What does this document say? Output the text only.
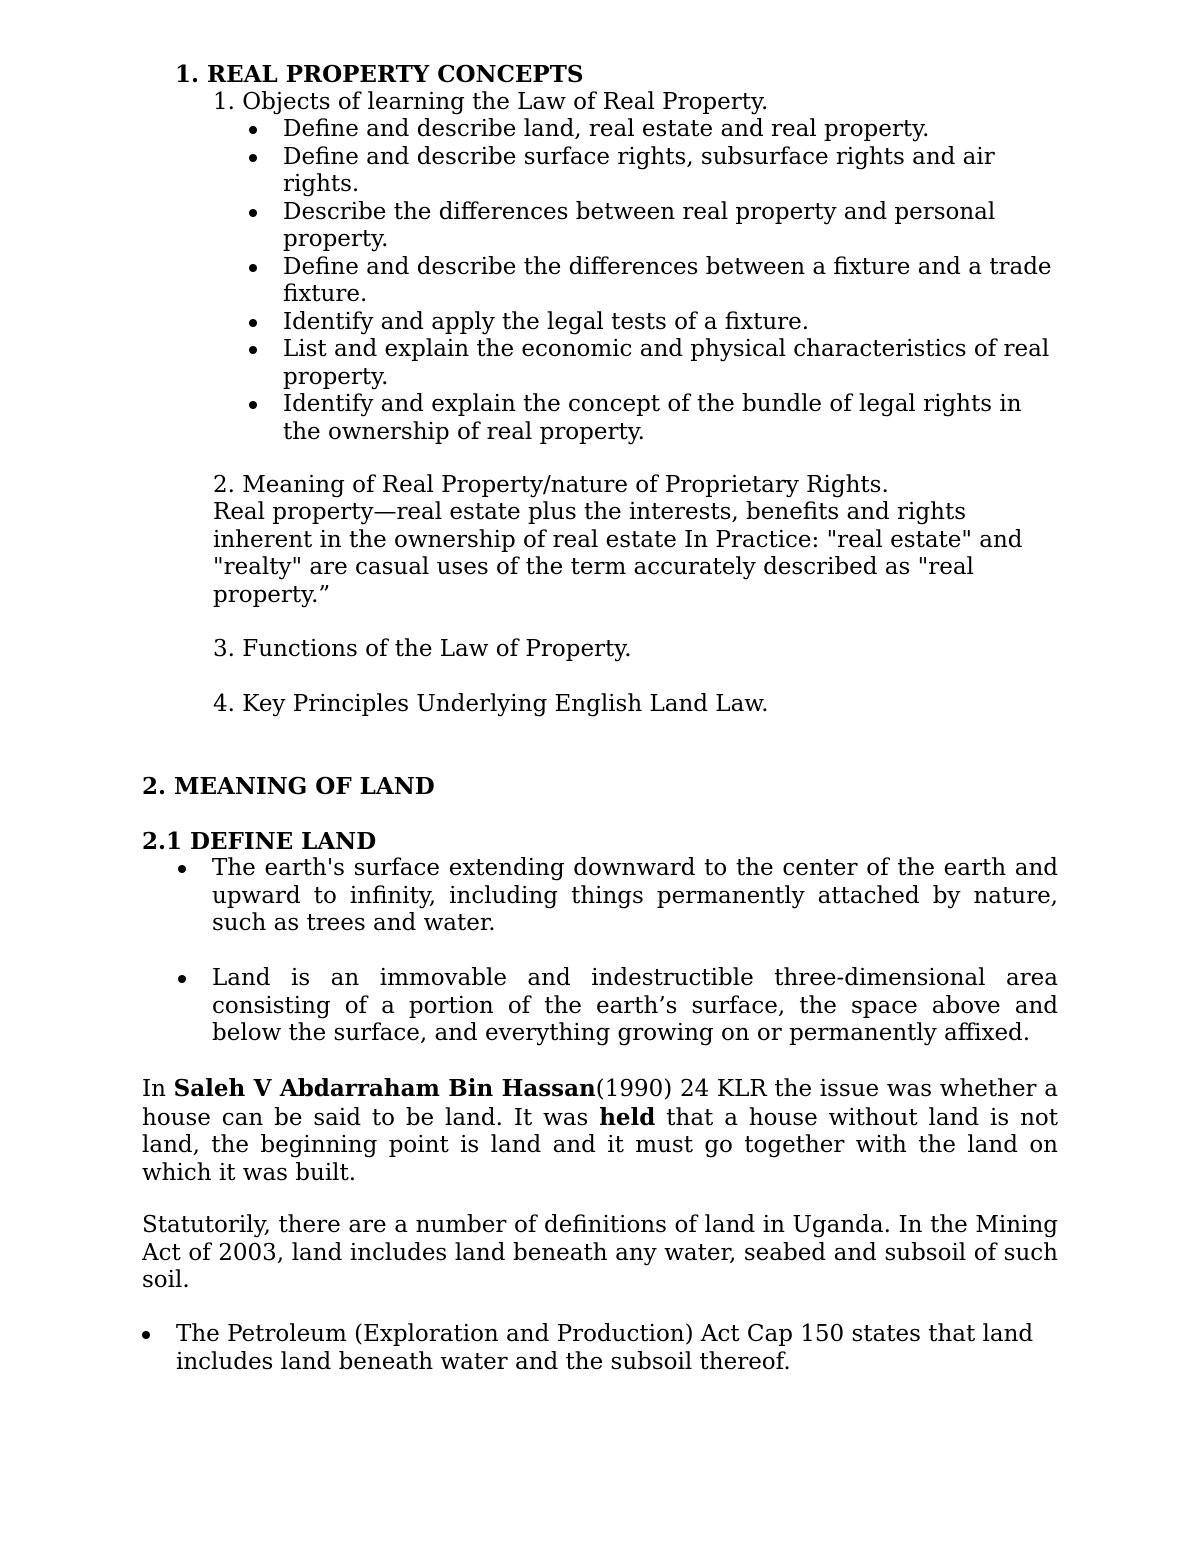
1. REAL PROPERTY CONCEPTS
1. Objects of learning the Law of Real Property.
Define and describe land, real estate and real property.
Define and describe surface rights, subsurface rights and air rights.
Describe the differences between real property and personal property.
Define and describe the differences between a fixture and a trade fixture.
Identify and apply the legal tests of a fixture.
List and explain the economic and physical characteristics of real property.
Identify and explain the concept of the bundle of legal rights in the ownership of real property.
2. Meaning of Real Property/nature of Proprietary Rights.
Real property—real estate plus the interests, benefits and rights inherent in the ownership of real estate In Practice: "real estate" and "realty" are casual uses of the term accurately described as "real property.”
3. Functions of the Law of Property.
4. Key Principles Underlying English Land Law.
2. MEANING OF LAND
2.1 DEFINE LAND
The earth's surface extending downward to the center of the earth and upward to infinity, including things permanently attached by nature, such as trees and water.
Land is an immovable and indestructible three-dimensional area consisting of a portion of the earth’s surface, the space above and below the surface, and everything growing on or permanently affixed.
In Saleh V Abdarraham Bin Hassan(1990) 24 KLR the issue was whether a house can be said to be land. It was held that a house without land is not land, the beginning point is land and it must go together with the land on which it was built.
Statutorily, there are a number of definitions of land in Uganda. In the Mining Act of 2003, land includes land beneath any water, seabed and subsoil of such soil.
The Petroleum (Exploration and Production) Act Cap 150 states that land includes land beneath water and the subsoil thereof.
